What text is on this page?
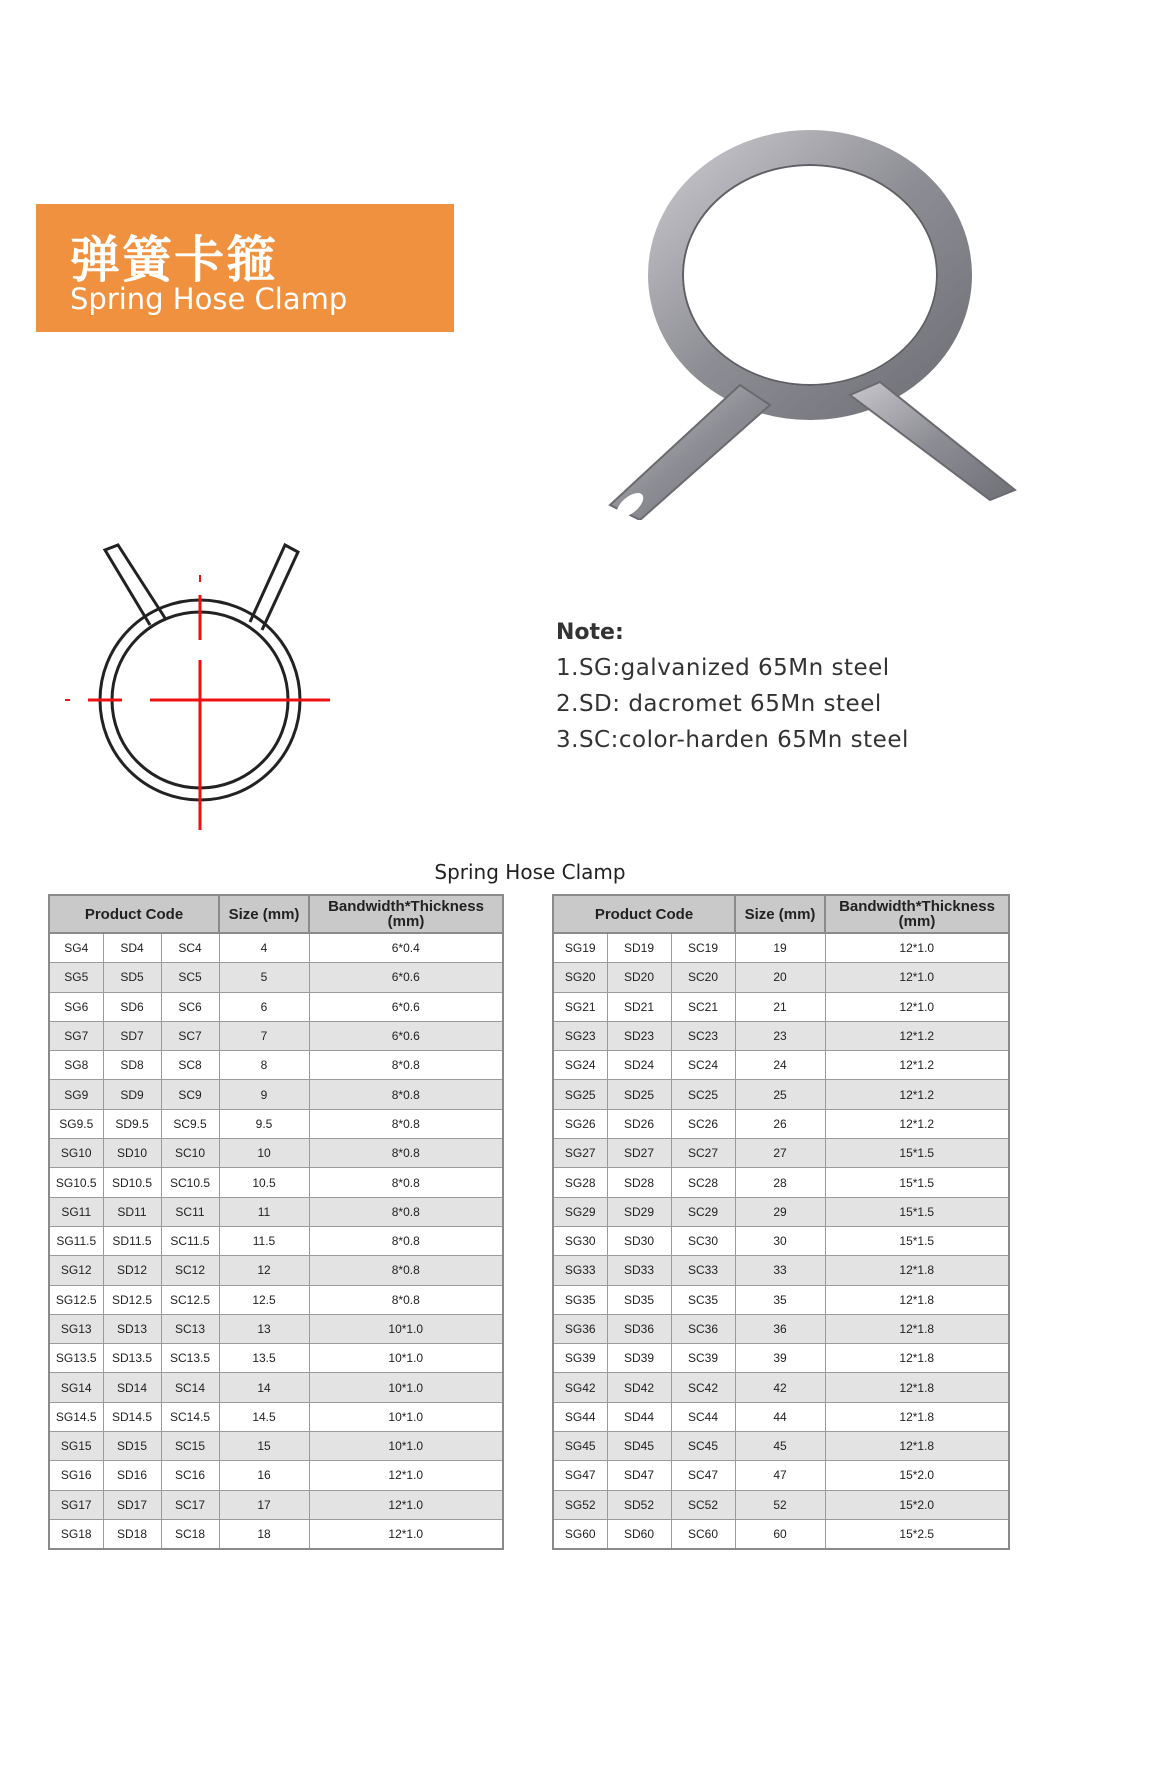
弹簧卡箍
Spring Hose Clamp
Note:
1.SG:galvanized 65Mn steel
2.SD: dacromet 65Mn steel
3.SC:color-harden 65Mn steel
Spring Hose Clamp
Product Code			Size (mm)	Bandwidth*Thickness (mm)
SG4	SD4	SC4	4	6*0.4
SG5	SD5	SC5	5	6*0.6
SG6	SD6	SC6	6	6*0.6
SG7	SD7	SC7	7	6*0.6
SG8	SD8	SC8	8	8*0.8
SG9	SD9	SC9	9	8*0.8
SG9.5	SD9.5	SC9.5	9.5	8*0.8
SG10	SD10	SC10	10	8*0.8
SG10.5	SD10.5	SC10.5	10.5	8*0.8
SG11	SD11	SC11	11	8*0.8
SG11.5	SD11.5	SC11.5	11.5	8*0.8
SG12	SD12	SC12	12	8*0.8
SG12.5	SD12.5	SC12.5	12.5	8*0.8
SG13	SD13	SC13	13	10*1.0
SG13.5	SD13.5	SC13.5	13.5	10*1.0
SG14	SD14	SC14	14	10*1.0
SG14.5	SD14.5	SC14.5	14.5	10*1.0
SG15	SD15	SC15	15	10*1.0
SG16	SD16	SC16	16	12*1.0
SG17	SD17	SC17	17	12*1.0
SG18	SD18	SC18	18	12*1.0
Product Code			Size (mm)	Bandwidth*Thickness (mm)
SG19	SD19	SC19	19	12*1.0
SG20	SD20	SC20	20	12*1.0
SG21	SD21	SC21	21	12*1.0
SG23	SD23	SC23	23	12*1.2
SG24	SD24	SC24	24	12*1.2
SG25	SD25	SC25	25	12*1.2
SG26	SD26	SC26	26	12*1.2
SG27	SD27	SC27	27	15*1.5
SG28	SD28	SC28	28	15*1.5
SG29	SD29	SC29	29	15*1.5
SG30	SD30	SC30	30	15*1.5
SG33	SD33	SC33	33	12*1.8
SG35	SD35	SC35	35	12*1.8
SG36	SD36	SC36	36	12*1.8
SG39	SD39	SC39	39	12*1.8
SG42	SD42	SC42	42	12*1.8
SG44	SD44	SC44	44	12*1.8
SG45	SD45	SC45	45	12*1.8
SG47	SD47	SC47	47	15*2.0
SG52	SD52	SC52	52	15*2.0
SG60	SD60	SC60	60	15*2.5
